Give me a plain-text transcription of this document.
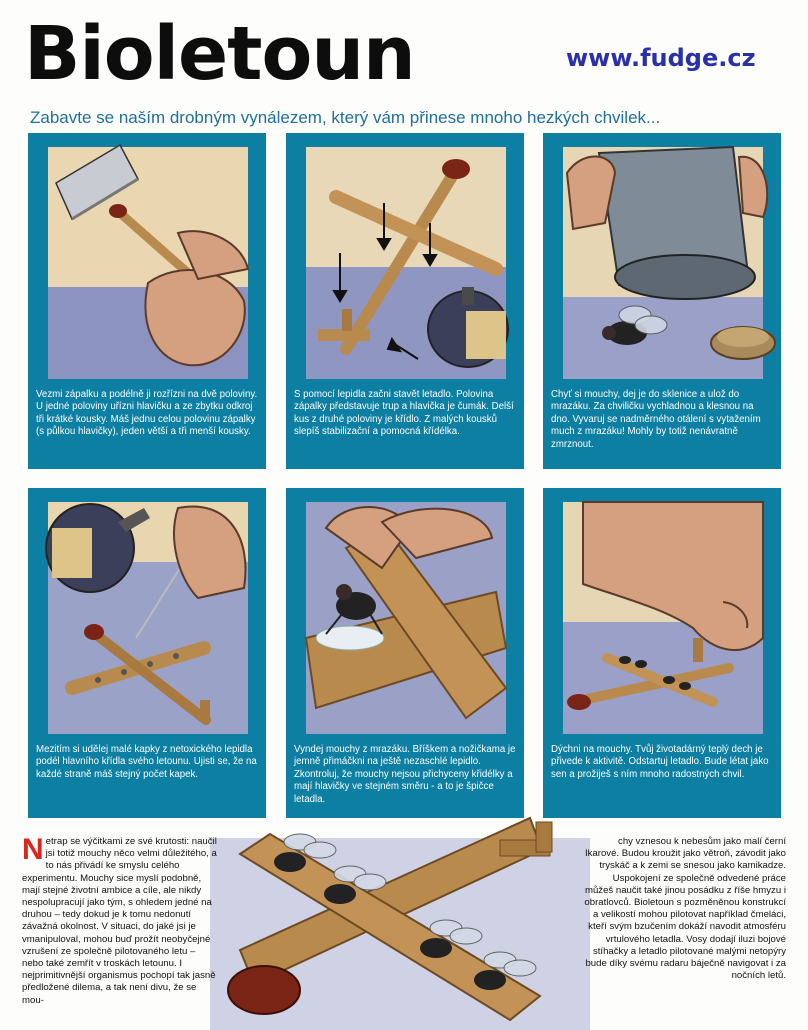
Bioletoun	www.fudge.cz
Zabavte se naším drobným vynálezem, který vám přinese mnoho hezkých chvilek...
Vezmi zápalku a podélně ji rozřízni na dvě poloviny. U jedné poloviny uřízni hlavičku a ze zbytku odkroj tři krátké kousky. Máš jednu celou polovinu zápalky (s půlkou hlavičky), jeden větší a tři menší kousky.
S pomocí lepidla začni stavět letadlo. Polovina zápalky představuje trup a hlavička je čumák. Delší kus z druhé poloviny je křídlo. Z malých kousků slepíš stabilizační a pomocná křídélka.
Chyť si mouchy, dej je do sklenice a ulož do mrazáku. Za chviličku vychladnou a klesnou na dno. Vyvaruj se nadměrného otálení s vytažením much z mrazáku! Mohly by totiž nenávratně zmrznout.
Mezitím si udělej malé kapky z netoxického lepidla podél hlavního křídla svého letounu. Ujisti se, že na každé straně máš stejný počet kapek.
Vyndej mouchy z mrazáku. Bříškem a nožičkama je jemně přimáčkni na ještě nezaschlé lepidlo. Zkontroluj, že mouchy nejsou přichyceny křidélky a mají hlavičky ve stejném směru - a to je špičce letadla.
Dýchni na mouchy. Tvůj životadárný teplý dech je přivede k aktivitě. Odstartuj letadlo. Bude létat jako sen a prožiješ s ním mnoho radostných chvil.
Netrap se výčitkami ze své krutosti: naučil jsi totiž mouchy něco velmi důležitého, a to nás přivádí ke smyslu celého experimentu. Mouchy sice myslí podobně, mají stejné životní ambice a cíle, ale nikdy nespolupracují jako tým, s ohledem jedné na druhou – tedy dokud je k tomu nedonutí závažná okolnost. V situaci, do jaké jsi je vmanipuloval, mohou buď prožít neobyčejné vzrušení ze společně pilotovaného letu – nebo také zemřít v troskách letounu. I nejprimitivnější organismus pochopí tak jasně předložené dilema, a tak není divu, že se mou-
chy vznesou k nebesům jako malí černí Ikarové. Budou kroužit jako větroň, závodit jako tryskáč a k zemi se snesou jako kamikadze. Uspokojení ze společně odvedené práce můžeš naučit také jinou posádku z říše hmyzu i obratlovců. Bioletoun s pozměněnou konstrukcí a velikostí mohou pilotovat například čmeláci, kteří svým bzučením dokáží navodit atmosféru vrtulového letadla. Vosy dodají iluzi bojové stíhačky a letadlo pilotované malými netopýry bude díky svému radaru báječně navigovat i za nočních letů.
